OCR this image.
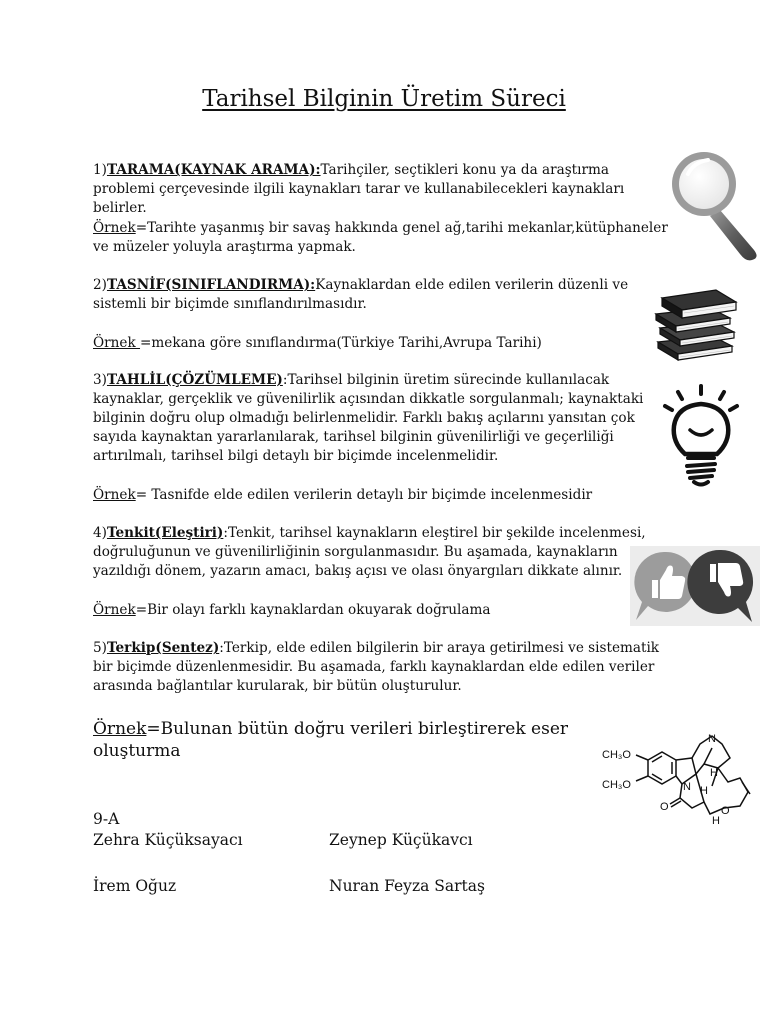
Tarihsel Bilginin Üretim Süreci
1)TARAMA(KAYNAK ARAMA):Tarihçiler, seçtikleri konu ya da araştırma problemi çerçevesinde ilgili kaynakları tarar ve kullanabilecekleri kaynakları belirler.
Örnek=Tarihte yaşanmış bir savaş hakkında genel ağ,tarihi mekanlar,kütüphaneler ve müzeler yoluyla araştırma yapmak.
2)TASNİF(SINIFLANDIRMA):Kaynaklardan elde edilen verilerin düzenli ve sistemli bir biçimde sınıflandırılmasıdır.
Örnek =mekana göre sınıflandırma(Türkiye Tarihi,Avrupa Tarihi)
3)TAHLİL(ÇÖZÜMLEME):Tarihsel bilginin üretim sürecinde kullanılacak kaynaklar, gerçeklik ve güvenilirlik açısından dikkatle sorgulanmalı; kaynaktaki bilginin doğru olup olmadığı belirlenmelidir. Farklı bakış açılarını yansıtan çok sayıda kaynaktan yararlanılarak, tarihsel bilginin güvenilirliği ve geçerliliği artırılmalı, tarihsel bilgi detaylı bir biçimde incelenmelidir.
Örnek= Tasnifde elde edilen verilerin detaylı bir biçimde incelenmesidir
4)Tenkit(Eleştiri):Tenkit, tarihsel kaynakların eleştirel bir şekilde incelenmesi, doğruluğunun ve güvenilirliğinin sorgulanmasıdır. Bu aşamada, kaynakların yazıldığı dönem, yazarın amacı, bakış açısı ve olası önyargıları dikkate alınır.
Örnek=Bir olayı farklı kaynaklardan okuyarak doğrulama
5)Terkip(Sentez):Terkip, elde edilen bilgilerin bir araya getirilmesi ve sistematik bir biçimde düzenlenmesidir. Bu aşamada, farklı kaynaklardan elde edilen veriler arasında bağlantılar kurularak, bir bütün oluşturulur.
Örnek=Bulunan bütün doğru verileri birleştirerek eser oluşturma
9-A
Zehra Küçüksayacı	Zeynep Küçükavcı
İrem Oğuz	Nuran Feyza Sartaş
CH₃O
CH₃O
N
N
O
O
H
H
H
